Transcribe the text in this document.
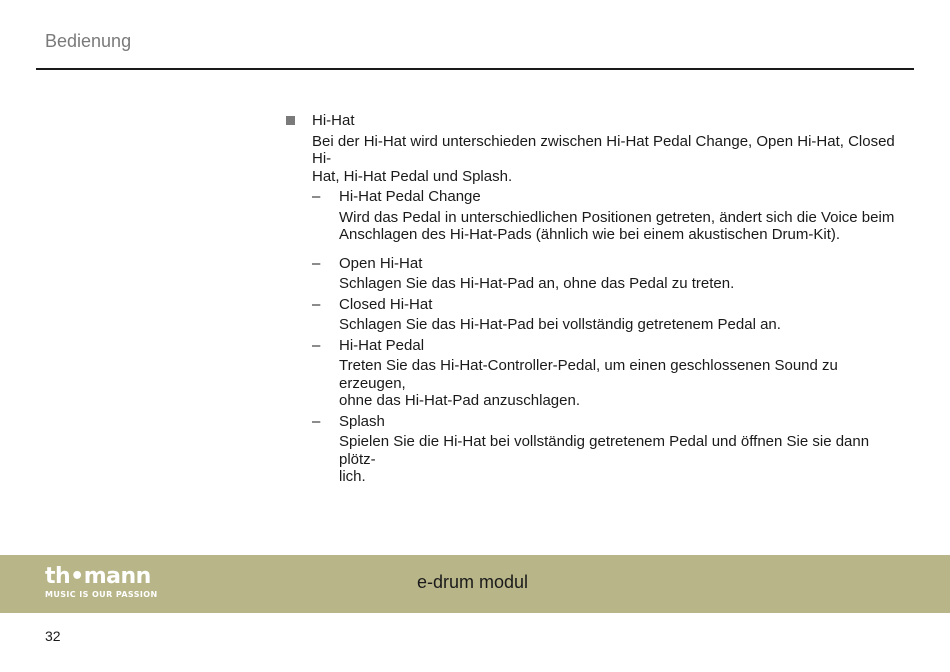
Bedienung
Hi-Hat
Bei der Hi-Hat wird unterschieden zwischen Hi-Hat Pedal Change, Open Hi-Hat, Closed Hi-
Hat, Hi-Hat Pedal und Splash.
– Hi-Hat Pedal Change
Wird das Pedal in unterschiedlichen Positionen getreten, ändert sich die Voice beim
Anschlagen des Hi-Hat-Pads (ähnlich wie bei einem akustischen Drum-Kit).
– Open Hi-Hat
Schlagen Sie das Hi-Hat-Pad an, ohne das Pedal zu treten.
– Closed Hi-Hat
Schlagen Sie das Hi-Hat-Pad bei vollständig getretenem Pedal an.
– Hi-Hat Pedal
Treten Sie das Hi-Hat-Controller-Pedal, um einen geschlossenen Sound zu erzeugen,
ohne das Hi-Hat-Pad anzuschlagen.
– Splash
Spielen Sie die Hi-Hat bei vollständig getretenem Pedal und öffnen Sie sie dann plötz-
lich.
th•mann
MUSIC IS OUR PASSION
e-drum modul
32
